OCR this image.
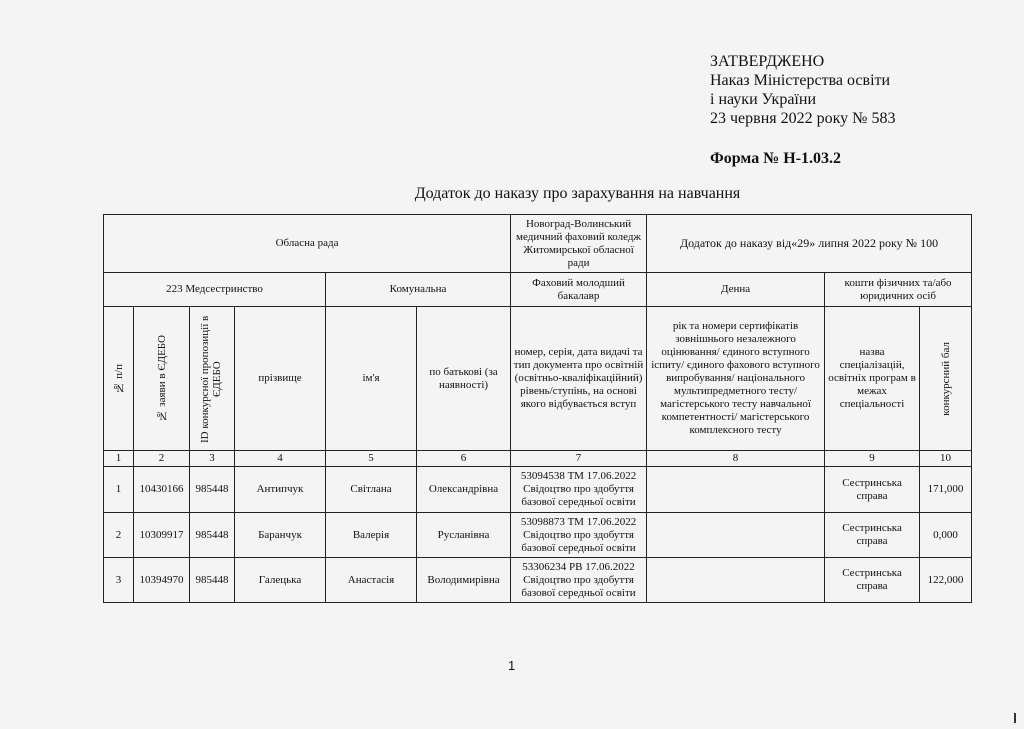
ЗАТВЕРДЖЕНО
Наказ Міністерства освіти
і науки України
23 червня 2022 року № 583
Форма № Н-1.03.2
Додаток до наказу про зарахування на навчання
Обласна рада						Новоград-Волинський медичний фаховий коледж Житомирської обласної ради	Додаток до наказу від«29» липня 2022 року № 100		
223 Медсестринство				Комунальна		Фаховий молодший бакалавр	Денна	кошти фізичних та/або юридичних осіб	

№ п/п	№ заяви в ЄДЕБО	ID конкурсної пропозиції в ЄДЕБО	прізвище	ім'я	по батькові (за наявності)	номер, серія, дата видачі та тип документа про освітній (освітньо-кваліфікаційний) рівень/ступінь, на основі якого відбувається вступ	рік та номери сертифікатів зовнішнього незалежного оцінювання/ єдиного вступного іспиту/ єдиного фахового вступного випробування/ національного мультипредметного тесту/ магістерського тесту навчальної компетентності/ магістерського комплексного тесту	назва спеціалізацій, освітніх програм в межах спеціальності	конкурсний бал

1	2	3	4	5	6	7	8	9	10
1	10430166	985448	Антипчук	Світлана	Олександрівна	53094538 ТМ 17.06.2022 Свідоцтво про здобуття базової середньої освіти		Сестринська справа	171,000
2	10309917	985448	Баранчук	Валерія	Русланівна	53098873 ТМ 17.06.2022 Свідоцтво про здобуття базової середньої освіти		Сестринська справа	0,000
3	10394970	985448	Галецька	Анастасія	Володимирівна	53306234 РВ 17.06.2022 Свідоцтво про здобуття базової середньої освіти		Сестринська справа	122,000
1
